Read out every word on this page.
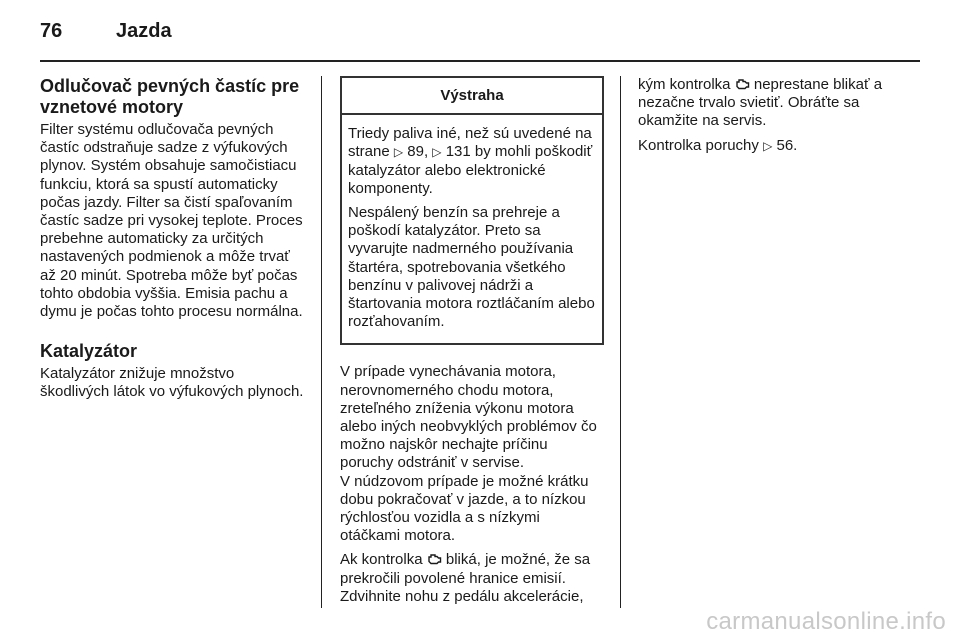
76	Jazda
Odlučovač pevných častíc pre vznetové motory

Filter systému odlučovača pevných častíc odstraňuje sadze z výfukových plynov. Systém obsahuje samočistiacu funkciu, ktorá sa spustí automaticky počas jazdy. Filter sa čistí spaľovaním častíc sadze pri vysokej teplote. Proces prebehne automaticky za určitých nastavených podmienok a môže trvať až 20 minút. Spotreba môže byť počas tohto obdobia vyššia. Emisia pachu a dymu je počas tohto procesu normálna.

Katalyzátor

Katalyzátor znižuje množstvo škodlivých látok vo výfukových plynoch.

Výstraha

Triedy paliva iné, než sú uvedené na strane ▷ 89, ▷ 131 by mohli poškodiť katalyzátor alebo elektronické komponenty.

Nespálený benzín sa prehreje a poškodí katalyzátor. Preto sa vyvarujte nadmerného používania štartéra, spotrebovania všetkého benzínu v palivovej nádrži a štartovania motora roztláčaním alebo rozťahovaním.

V prípade vynechávania motora, nerovnomerného chodu motora, zreteľného zníženia výkonu motora alebo iných neobvyklých problémov čo možno najskôr nechajte príčinu poruchy odstrániť v servise.

V núdzovom prípade je možné krátku dobu pokračovať v jazde, a to nízkou rýchlosťou vozidla a s nízkymi otáčkami motora.

Ak kontrolka  bliká, je možné, že sa prekročili povolené hranice emisií. Zdvihnite nohu z pedálu akcelerácie,

kým kontrolka  neprestane blikať a nezačne trvalo svietiť. Obráťte sa okamžite na servis.

Kontrolka poruchy ▷ 56.

carmanualsonline.info
